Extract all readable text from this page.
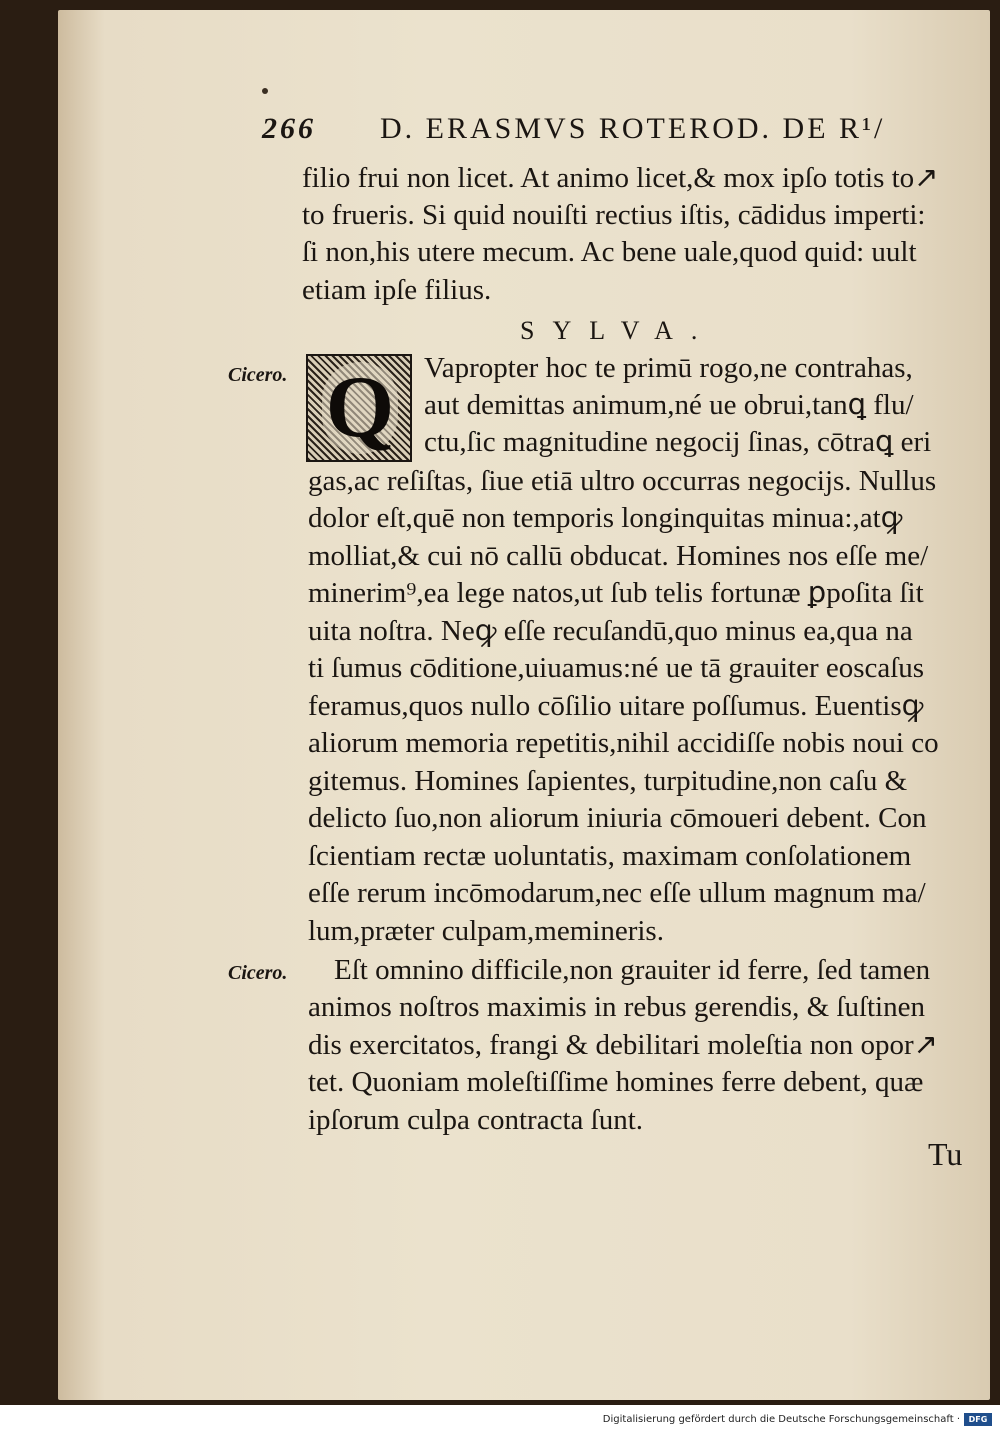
266 D. ERASMVS ROTEROD. DE R¹/
filio frui non licet. At animo licet,& mox ipſo totis to↗
to frueris. Si quid nouiſti rectius iſtis, cādidus imperti:
ſi non,his utere mecum. Ac bene uale,quod quid: uult
etiam ipſe filius.
SYLVA.
Cicero. Q Vapropter hoc te primū rogo,ne contrahas,
aut demittas animum,né ue obrui,tanꝗ flu/
ctu,ſic magnitudine negocij ſinas, cōtraꝗ eri
gas,ac reſiſtas, ſiue etiā ultro occurras negocijs. Nullus
dolor eſt,quē non temporis longinquitas minua:,atꝙ
molliat,& cui nō callū obducat. Homines nos eſſe me/
minerim⁹,ea lege natos,ut ſub telis fortunæ ꝑpoſita ſit
uita noſtra. Neꝙ eſſe recuſandū,quo minus ea,qua na
ti ſumus cōditione,uiuamus:né ue tā grauiter eoscaſus
feramus,quos nullo cōſilio uitare poſſumus. Euentisꝙ
aliorum memoria repetitis,nihil accidiſſe nobis noui co
gitemus. Homines ſapientes, turpitudine,non caſu &
delicto ſuo,non aliorum iniuria cōmoueri debent. Con
ſcientiam rectæ uoluntatis, maximam conſolationem
eſſe rerum incōmodarum,nec eſſe ullum magnum ma/
lum,præter culpam,memineris.
Cicero. Eſt omnino difficile,non grauiter id ferre, ſed tamen
animos noſtros maximis in rebus gerendis, & ſuſtinen
dis exercitatos, frangi & debilitari moleſtia non opor↗
tet. Quoniam moleſtiſſime homines ferre debent, quæ
ipſorum culpa contracta ſunt.
Tu
Digitalisierung gefördert durch die Deutsche Forschungsgemeinschaft ·	DFG
